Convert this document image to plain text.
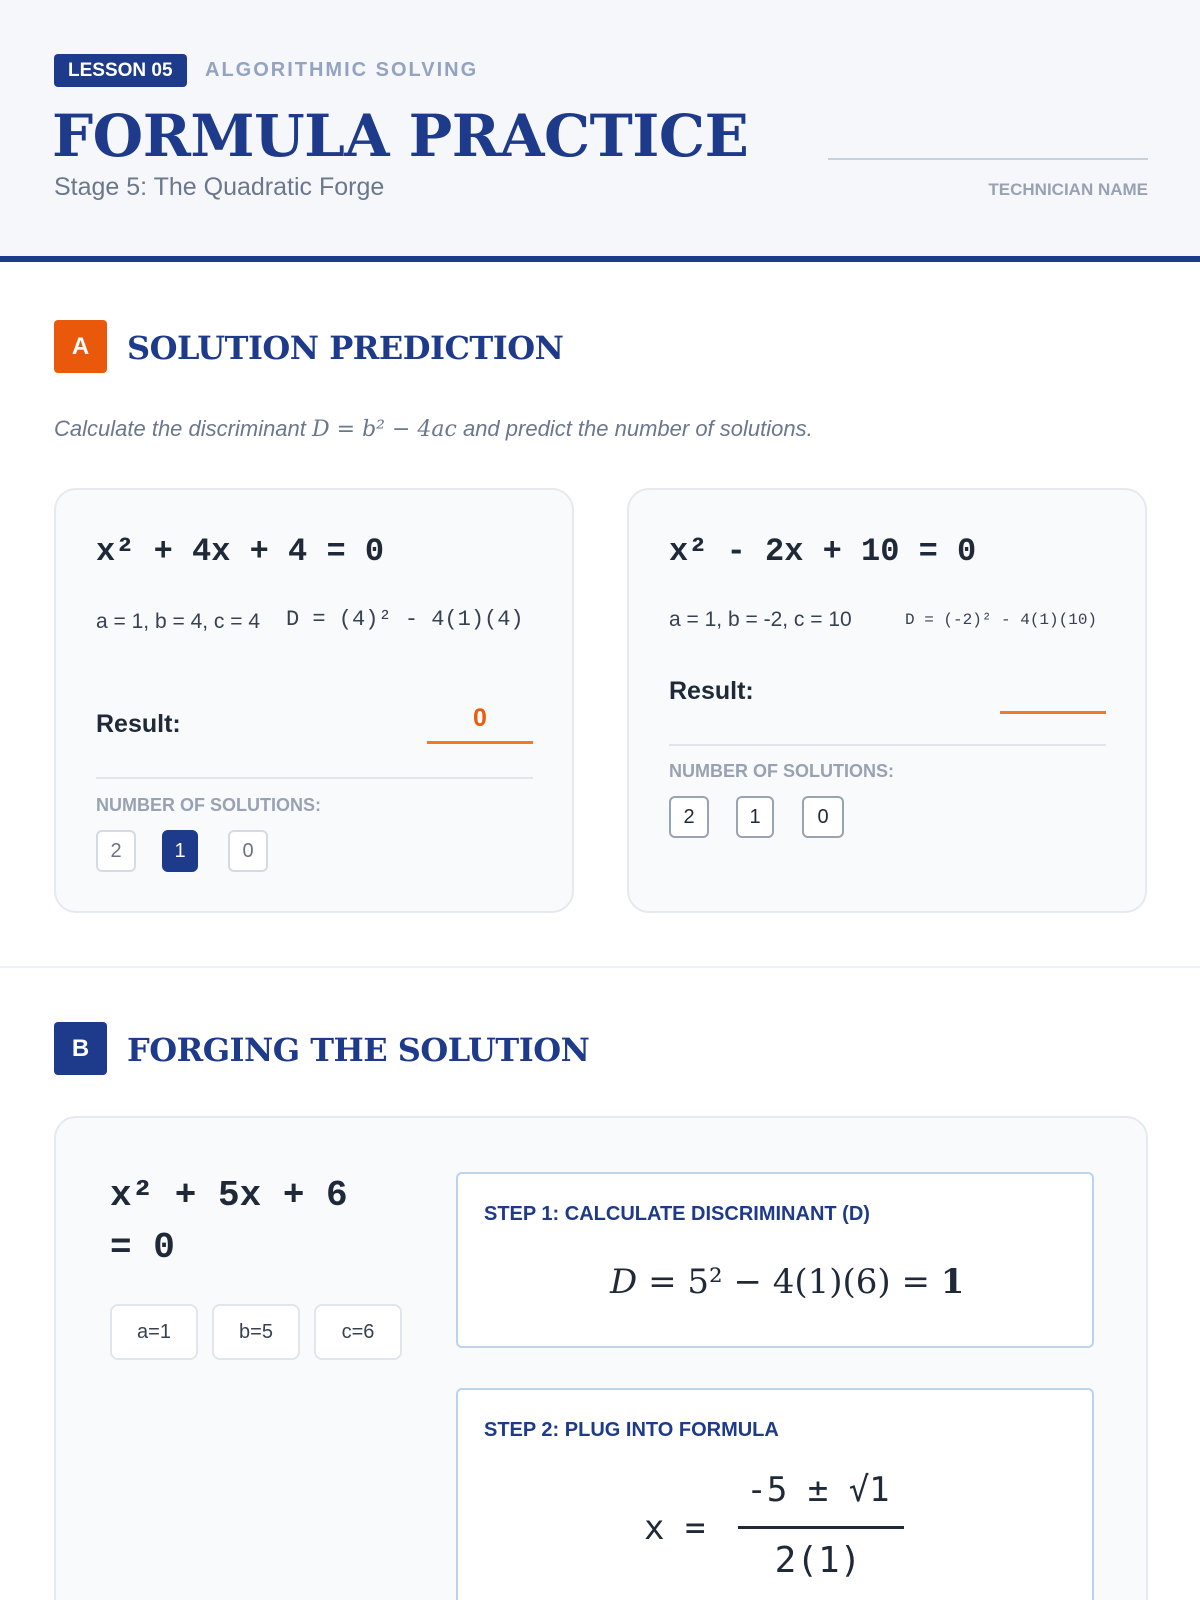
LESSON 05	ALGORITHMIC SOLVING
FORMULA PRACTICE
Stage 5: The Quadratic Forge	TECHNICIAN NAME
A	SOLUTION PREDICTION
Calculate the discriminant D = b² − 4ac and predict the number of solutions.
x² + 4x + 4 = 0
a = 1, b = 4, c = 4	D = (4)² - 4(1)(4)
Result:	0
NUMBER OF SOLUTIONS:
2	1	0
x² - 2x + 10 = 0
a = 1, b = -2, c = 10	D = (-2)² - 4(1)(10)
Result:
NUMBER OF SOLUTIONS:
2	1	0
B	FORGING THE SOLUTION
x² + 5x + 6
= 0
a=1	b=5	c=6
STEP 1: CALCULATE DISCRIMINANT (D)
D = 5² − 4(1)(6) = 1
STEP 2: PLUG INTO FORMULA
x =
-5 ± √1
2(1)
